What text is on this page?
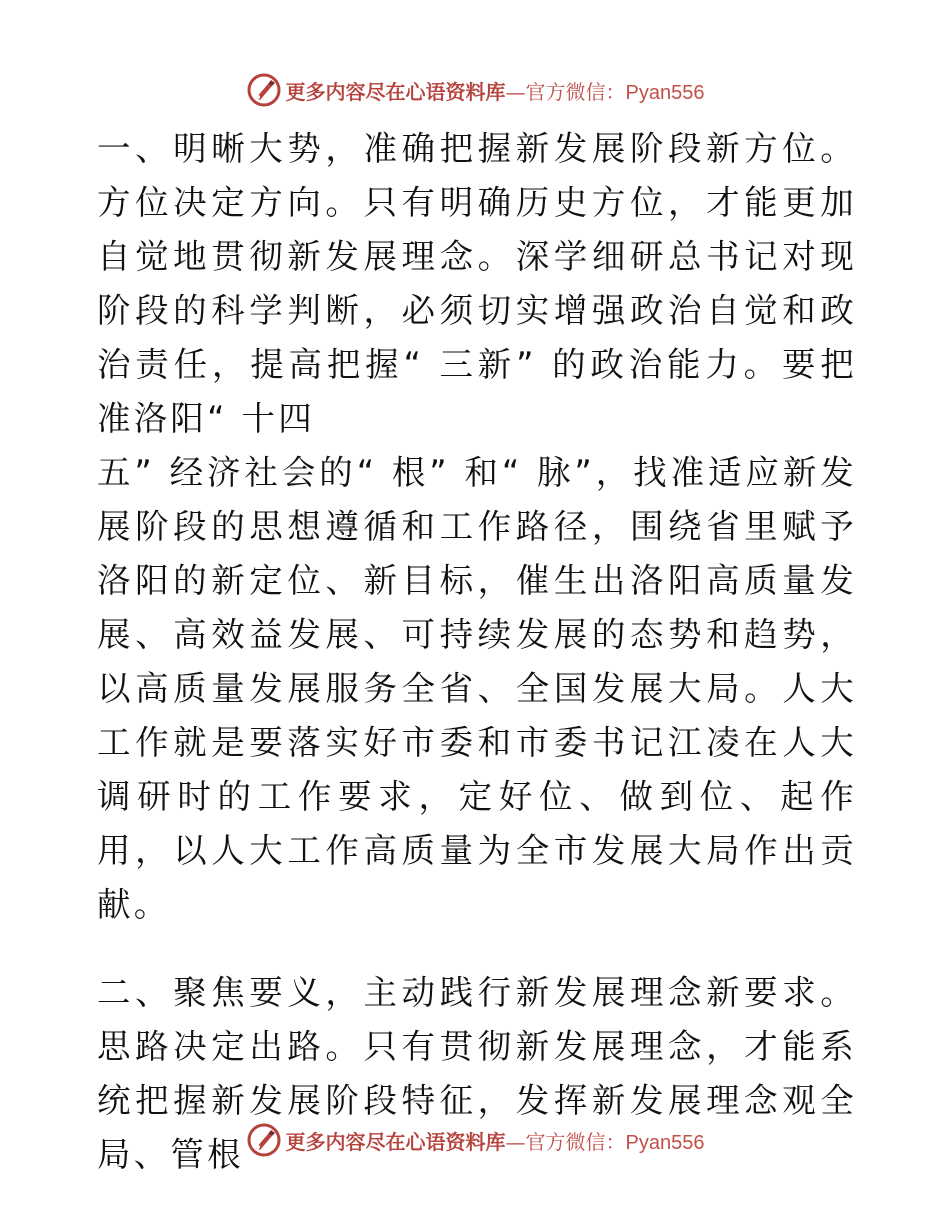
更多内容尽在心语资料库—官方微信：Pyan556

一、明晰大势，准确把握新发展阶段新方位。方位决定方向。只有明确历史方位，才能更加自觉地贯彻新发展理念。深学细研总书记对现阶段的科学判断，必须切实增强政治自觉和政治责任，提高把握“ 三新” 的政治能力。要把准洛阳“ 十四
五” 经济社会的“ 根” 和“ 脉”，找准适应新发展阶段的思想遵循和工作路径，围绕省里赋予洛阳的新定位、新目标，催生出洛阳高质量发展、高效益发展、可持续发展的态势和趋势，以高质量发展服务全省、全国发展大局。人大工作就是要落实好市委和市委书记江凌在人大调研时的工作要求，定好位、做到位、起作用，以人大工作高质量为全市发展大局作出贡献。

二、聚焦要义，主动践行新发展理念新要求。思路决定出路。只有贯彻新发展理念，才能系统把握新发展阶段特征，发挥新发展理念观全局、管根	更多内容尽在心语资料库—官方微信：Pyan556
